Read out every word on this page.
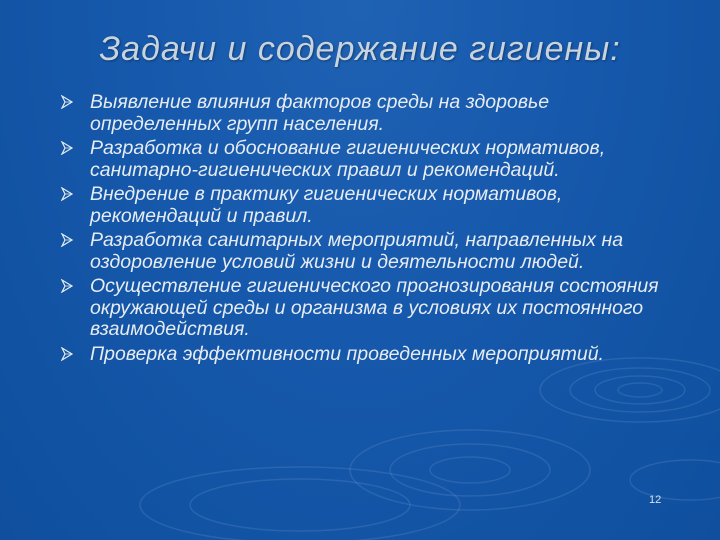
Задачи и содержание гигиены:
Выявление влияния факторов среды на здоровье определенных групп населения.
Разработка и обоснование гигиенических нормативов, санитарно-гигиенических правил и рекомендаций.
Внедрение в практику гигиенических нормативов, рекомендаций и правил.
Разработка санитарных мероприятий, направленных на оздоровление условий жизни и деятельности людей.
Осуществление гигиенического прогнозирования состояния окружающей среды и организма в условиях их постоянного взаимодействия.
Проверка эффективности проведенных мероприятий.
12
